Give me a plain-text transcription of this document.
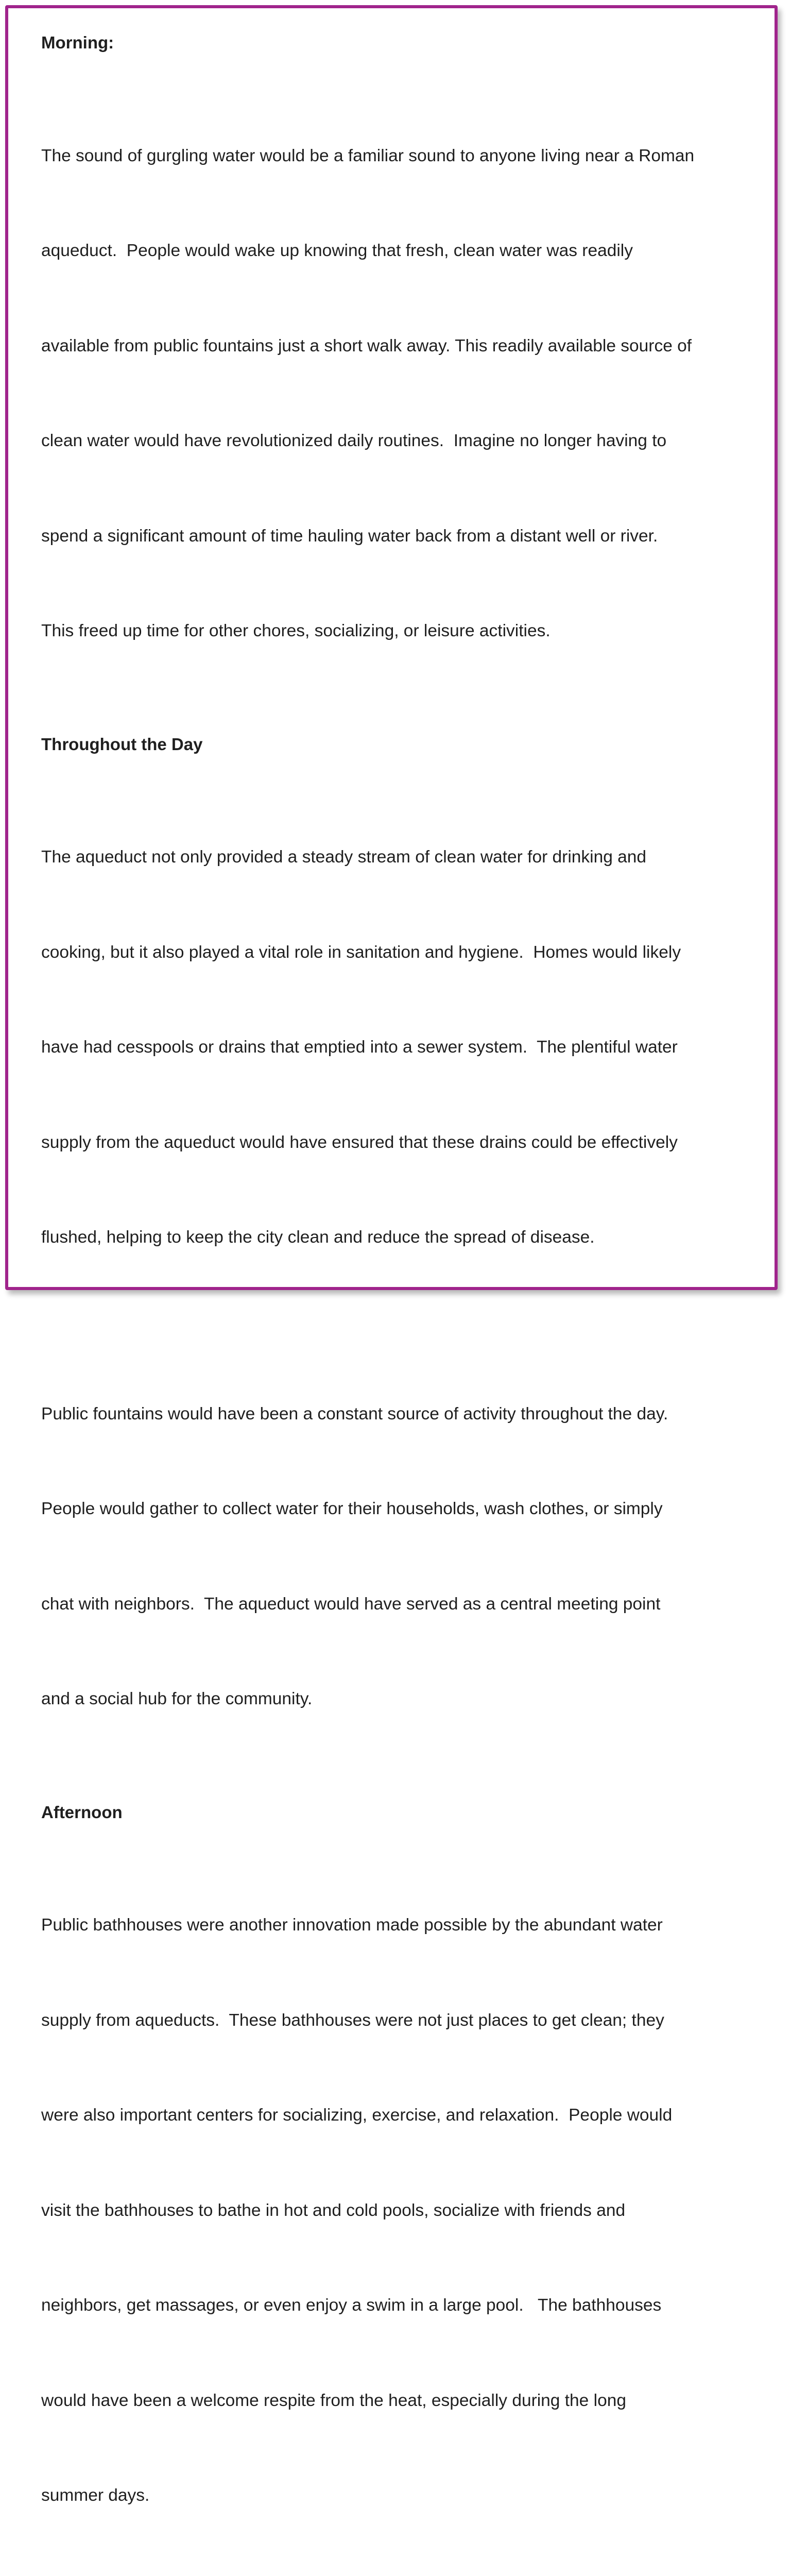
Morning:

The sound of gurgling water would be a familiar sound to anyone living near a Roman

aqueduct.  People would wake up knowing that fresh, clean water was readily

available from public fountains just a short walk away. This readily available source of

clean water would have revolutionized daily routines.  Imagine no longer having to

spend a significant amount of time hauling water back from a distant well or river.

This freed up time for other chores, socializing, or leisure activities.

Throughout the Day

The aqueduct not only provided a steady stream of clean water for drinking and

cooking, but it also played a vital role in sanitation and hygiene.  Homes would likely

have had cesspools or drains that emptied into a sewer system.  The plentiful water

supply from the aqueduct would have ensured that these drains could be effectively

flushed, helping to keep the city clean and reduce the spread of disease.

Public fountains would have been a constant source of activity throughout the day.

People would gather to collect water for their households, wash clothes, or simply

chat with neighbors.  The aqueduct would have served as a central meeting point

and a social hub for the community.

Afternoon

Public bathhouses were another innovation made possible by the abundant water

supply from aqueducts.  These bathhouses were not just places to get clean; they

were also important centers for socializing, exercise, and relaxation.  People would

visit the bathhouses to bathe in hot and cold pools, socialize with friends and

neighbors, get massages, or even enjoy a swim in a large pool.   The bathhouses

would have been a welcome respite from the heat, especially during the long

summer days.
